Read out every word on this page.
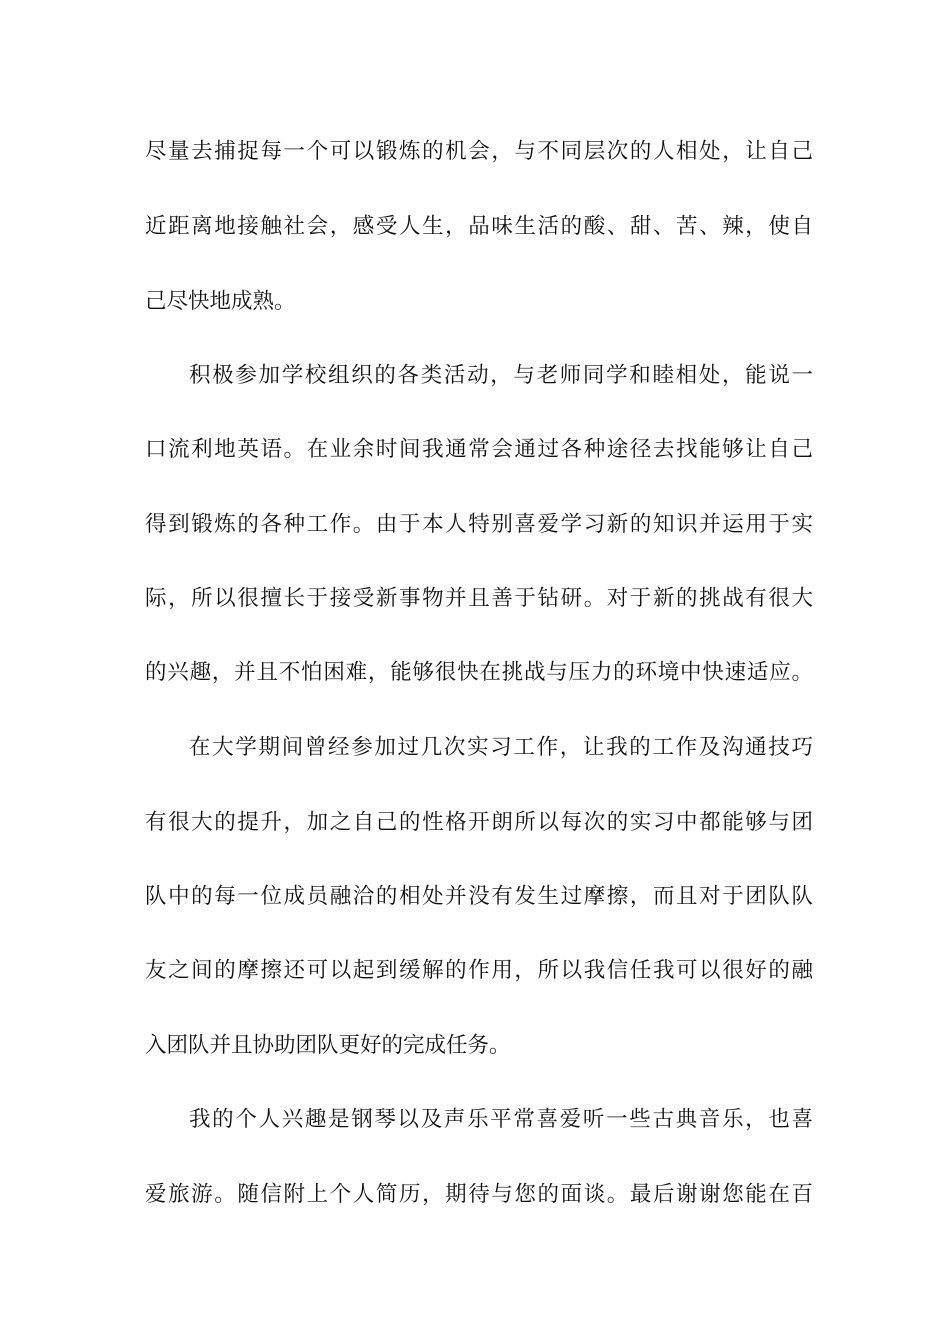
尽量去捕捉每一个可以锻炼的机会，与不同层次的人相处，让自己
近距离地接触社会，感受人生，品味生活的酸、甜、苦、辣，使自
己尽快地成熟。
积极参加学校组织的各类活动，与老师同学和睦相处，能说一
口流利地英语。在业余时间我通常会通过各种途径去找能够让自己
得到锻炼的各种工作。由于本人特别喜爱学习新的知识并运用于实
际，所以很擅长于接受新事物并且善于钻研。对于新的挑战有很大
的兴趣，并且不怕困难，能够很快在挑战与压力的环境中快速适应。
在大学期间曾经参加过几次实习工作，让我的工作及沟通技巧
有很大的提升，加之自己的性格开朗所以每次的实习中都能够与团
队中的每一位成员融洽的相处并没有发生过摩擦，而且对于团队队
友之间的摩擦还可以起到缓解的作用，所以我信任我可以很好的融
入团队并且协助团队更好的完成任务。
我的个人兴趣是钢琴以及声乐平常喜爱听一些古典音乐，也喜
爱旅游。随信附上个人简历，期待与您的面谈。最后谢谢您能在百
